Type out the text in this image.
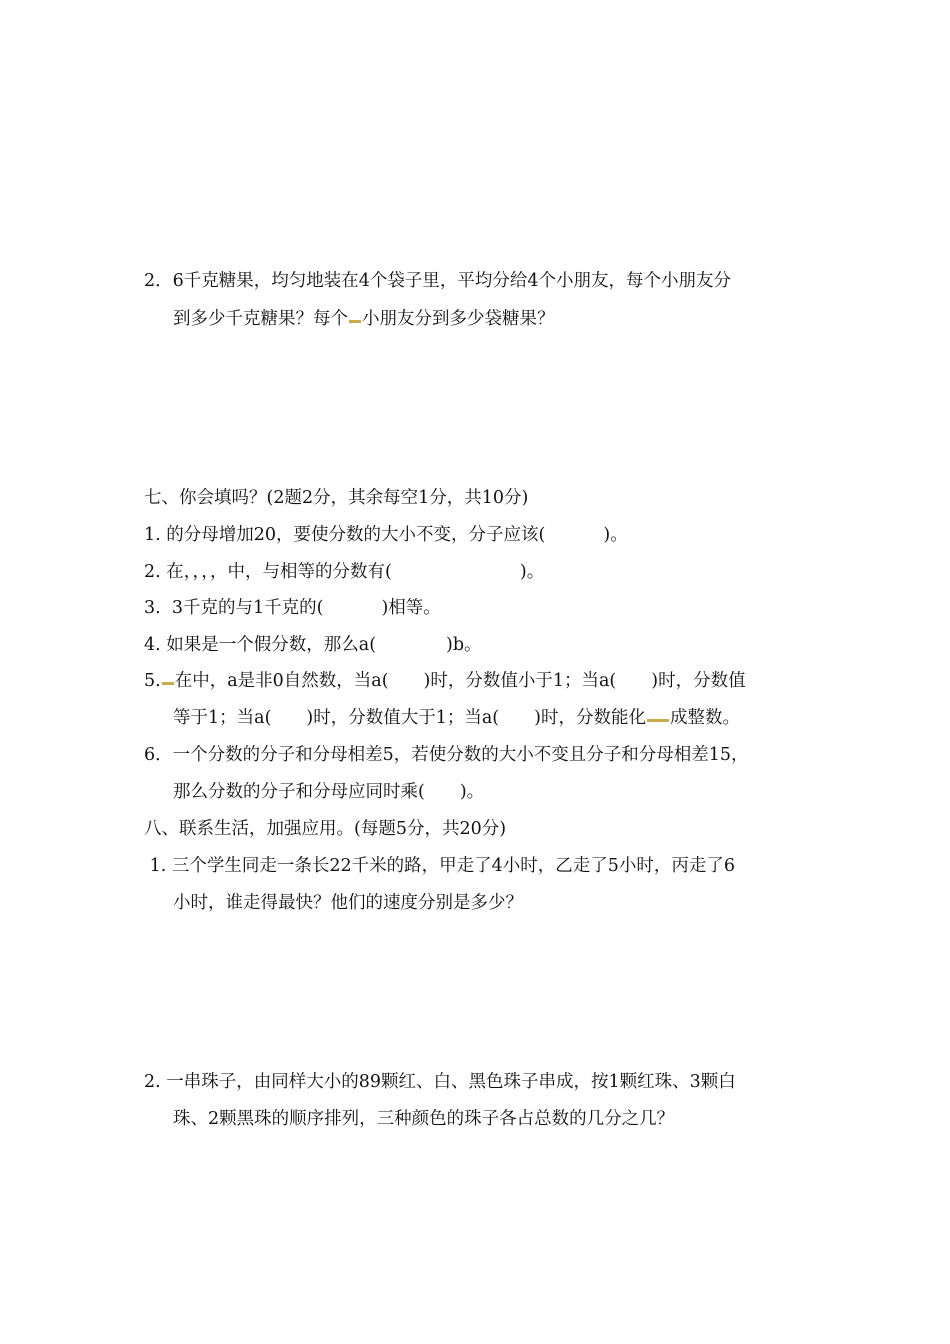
2．6千克糖果，均匀地装在4个袋子里，平均分给4个小朋友，每个小朋友分
到多少千克糖果？每个 小朋友分到多少袋糖果？
七、你会填吗？(2题2分，其余每空1分，共10分)
1. 的分母增加20，要使分数的大小不变，分子应该(　　　 )。
2. 在，，，，中，与相等的分数有(　　　　　　　 )。
3.  3千克的与1千克的(　　　 )相等。
4. 如果是一个假分数，那么a(　　　　)b。
5. 在中，a是非0自然数，当a(　　)时，分数值小于1；当a(　　)时，分数值
等于1；当a(　　)时，分数值大于1；当a(　　)时，分数能化 成整数。
6．一个分数的分子和分母相差5，若使分数的大小不变且分子和分母相差15，
那么分数的分子和分母应同时乘(　　)。
八、联系生活，加强应用。(每题5分，共20分)
1. 三个学生同走一条长22千米的路，甲走了4小时，乙走了5小时，丙走了6
小时，谁走得最快？他们的速度分别是多少？
2. 一串珠子，由同样大小的89颗红、白、黑色珠子串成，按1颗红珠、3颗白
珠、2颗黑珠的顺序排列，三种颜色的珠子各占总数的几分之几？
